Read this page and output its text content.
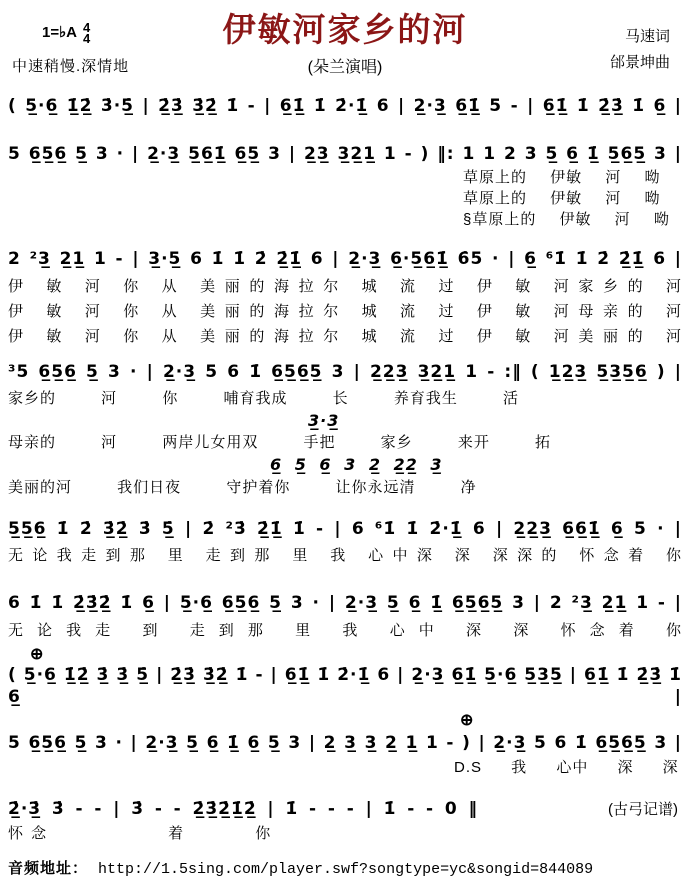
1=♭A 4
4
中速稍慢.深情地
伊敏河家乡的河
(朵兰演唱)
马速词
邰景坤曲
( 5̲·6̲ 1̲̇2̲̇ 3̇·5̲̇ | 2̲̇3̲̇ 3̲̇2̲̇ 1̇ - | 6̲1̲̇ 1̇ 2̇·1̲̇ 6 | 2̲·3̲ 6̲1̲̇ 5 - | 6̲1̲̇ 1̇ 2̲̇3̲̇ 1̇ 6̲ |
5 6̲5̲6̲ 5̲ 3 · | 2̲·3̲ 5̲6̲1̲̇ 6̲5̲ 3 | 2̲3̲ 3̲2̲1̲ 1 - ) ‖: 1 1 2 3 5̲ 6̲ 1̲̇ 5̲6̲5̲ 3 |
草原上的 伊敏 河 呦
草原上的 伊敏 河 呦
§草原上的 伊敏 河 呦
2 ²3̲ 2̲1̲ 1 - | 3̲·5̲ 6 1̇ 1̇ 2̇ 2̲̇1̲̇ 6 | 2̲·3̲ 6̲·5̲6̲1̲̇ 6̇5 · | 6̲ ⁶1̇ 1̇ 2̇ 2̲̇1̲̇ 6 |
伊 敏 河 你 从 美丽的海拉尔 城 流 过 伊 敏 河家乡的 河
伊 敏 河 你 从 美丽的海拉尔 城 流 过 伊 敏 河母亲的 河
伊 敏 河 你 从 美丽的海拉尔 城 流 过 伊 敏 河美丽的 河
³5 6̲5̲6̲ 5̲ 3 · | 2̲·3̲ 5 6 1̇ 6̲5̲6̲5̲ 3 | 2̲2̲3̲ 3̲2̲1̲ 1 - :‖ ( 1̲2̲3̲ 5̲3̲5̲6̲ ) |
家乡的 河 你 哺育我成 长 养育我生 活
3̲·3̲
母亲的 河 两岸儿女用双 手把 家乡 来开 拓
6̲ 5̲ 6̲ 3 2̲ 2̲2̲ 3̲
美丽的河 我们日夜 守护着你 让你永远清 净
5̲5̲6̲ 1̇ 2̇ 3̲̇2̲̇ 3̇ 5̲̇ | 2̇ ²3̇ 2̲̇1̲̇ 1̇ - | 6 ⁶1̇ 1̇ 2̇·1̲̇ 6 | 2̲2̲3̲ 6̲6̲1̲̇ 6̲ 5 · |
无论我走到那 里 走到那 里 我 心中深 深 深深的 怀念着 你
6 1̇ 1̇ 2̲̇3̲̇2̲̇ 1̇ 6̲ | 5̲·6̲ 6̲5̲6̲ 5̲ 3 · | 2̲·3̲ 5̲ 6̲ 1̲̇ 6̲5̲6̲5̲ 3 | 2 ²3̲ 2̲1̲ 1 - |
无论我走 到 走到那 里 我 心中 深 深 怀念着 你
⊕
( 5̲·6̲ 1̲̇2̲̇ 3̲̇ 3̲̇ 5̲̇ | 2̲̇3̲̇ 3̲̇2̲̇ 1̇ - | 6̲1̲̇ 1̇ 2̇·1̲̇ 6 | 2̲·3̲ 6̲1̲̇ 5̲·6̲ 5̲3̲5̲ | 6̲1̲̇ 1̇ 2̲̇3̲̇ 1̇ 6̲ |
⊕
5 6̲5̲6̲ 5̲ 3 · | 2̲·3̲ 5̲ 6̲ 1̲̇ 6̲ 5̲ 3 | 2̲ 3̲ 3̲ 2̲ 1̲ 1 - ) | 2̲·3̲ 5 6 1̇ 6̲5̲6̲5̲ 3 |
D.S 我 心中 深 深
2̲̇·3̲̇ 3̇ - - | 3̇ - - 2̲̇3̲̇2̲̇1̲̇2̲̇ | 1̇ - - - | 1̇ - - 0 ‖	(古弓记谱)
怀 念	着	你
音频地址： http://1.5sing.com/player.swf?songtype=yc&songid=844089
